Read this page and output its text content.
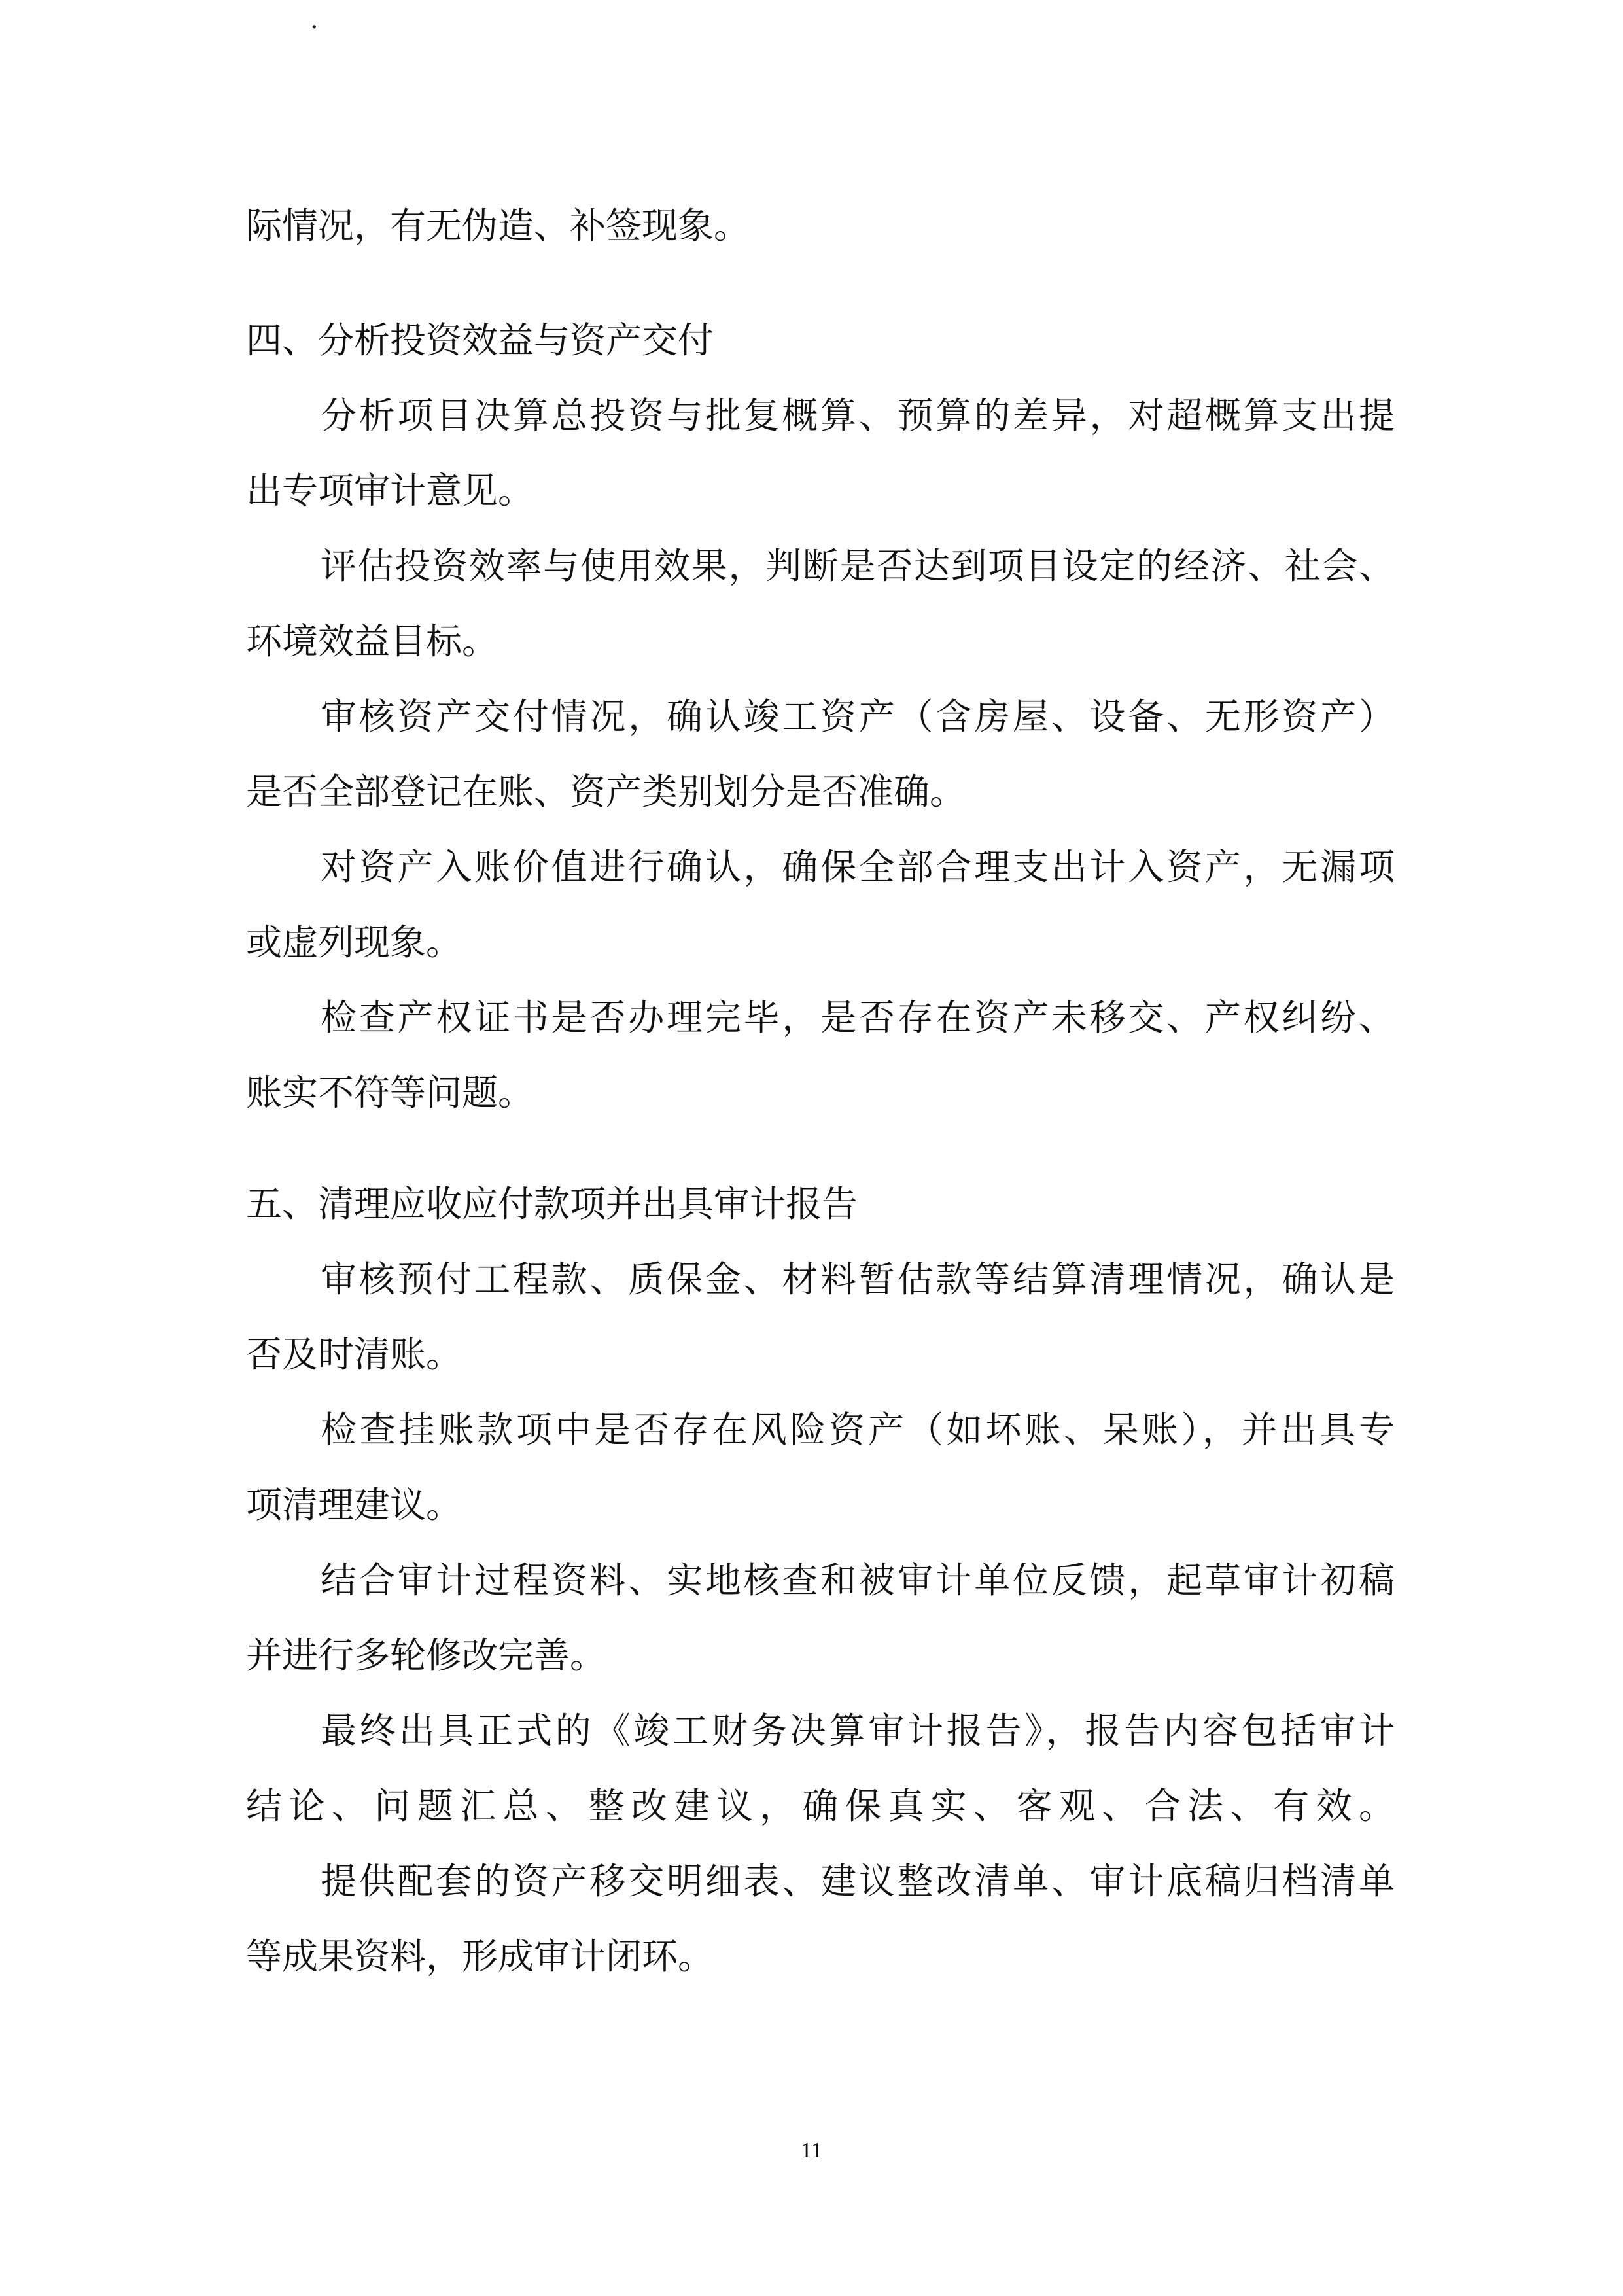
·
际情况，有无伪造、补签现象。
四、分析投资效益与资产交付
分析项目决算总投资与批复概算、预算的差异，对超概算支出提
出专项审计意见。
评估投资效率与使用效果，判断是否达到项目设定的经济、社会、
环境效益目标。
审核资产交付情况，确认竣工资产（含房屋、设备、无形资产）
是否全部登记在账、资产类别划分是否准确。
对资产入账价值进行确认，确保全部合理支出计入资产，无漏项
或虚列现象。
检查产权证书是否办理完毕，是否存在资产未移交、产权纠纷、
账实不符等问题。
五、清理应收应付款项并出具审计报告
审核预付工程款、质保金、材料暂估款等结算清理情况，确认是
否及时清账。
检查挂账款项中是否存在风险资产（如坏账、呆账），并出具专
项清理建议。
结合审计过程资料、实地核查和被审计单位反馈，起草审计初稿
并进行多轮修改完善。
最终出具正式的《竣工财务决算审计报告》，报告内容包括审计
结论、问题汇总、整改建议，确保真实、客观、合法、有效。
提供配套的资产移交明细表、建议整改清单、审计底稿归档清单
等成果资料，形成审计闭环。
11
